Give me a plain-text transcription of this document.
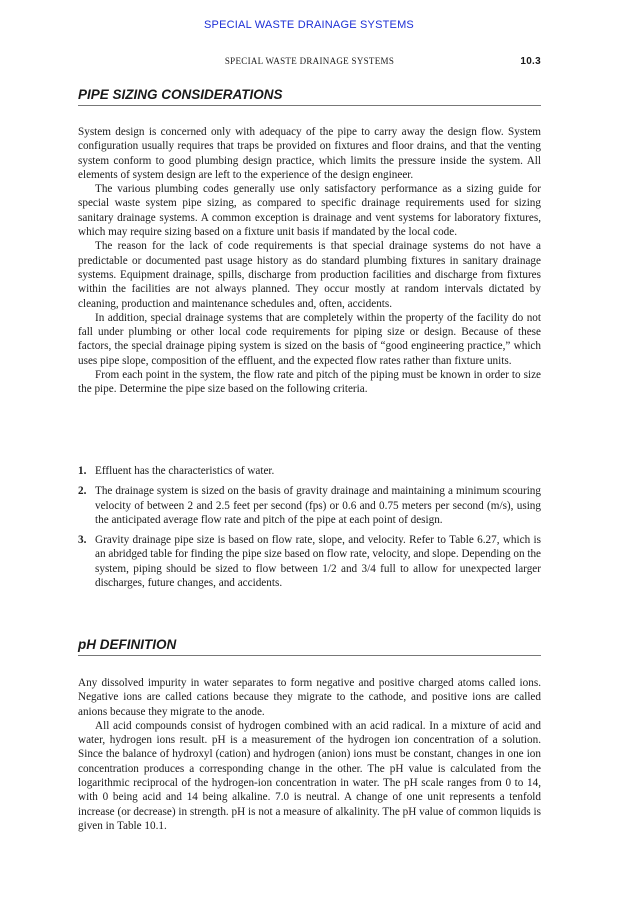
SPECIAL WASTE DRAINAGE SYSTEMS
SPECIAL WASTE DRAINAGE SYSTEMS	10.3
PIPE SIZING CONSIDERATIONS

System design is concerned only with adequacy of the pipe to carry away the design flow. System configuration usually requires that traps be provided on fixtures and floor drains, and that the venting system conform to good plumbing design practice, which limits the pressure inside the system. All elements of system design are left to the experience of the design engineer.

The various plumbing codes generally use only satisfactory performance as a sizing guide for special waste system pipe sizing, as compared to specific drainage requirements used for sizing sanitary drainage systems. A common exception is drainage and vent systems for laboratory fixtures, which may require sizing based on a fixture unit basis if mandated by the local code.

The reason for the lack of code requirements is that special drainage systems do not have a predictable or documented past usage history as do standard plumbing fixtures in sanitary drainage systems. Equipment drainage, spills, discharge from production facilities and discharge from fixtures within the facilities are not always planned. They occur mostly at random intervals dictated by cleaning, production and maintenance schedules and, often, accidents.

In addition, special drainage systems that are completely within the property of the facility do not fall under plumbing or other local code requirements for piping size or design. Because of these factors, the special drainage piping system is sized on the basis of “good engineering practice,” which uses pipe slope, composition of the effluent, and the expected flow rates rather than fixture units.

From each point in the system, the flow rate and pitch of the piping must be known in order to size the pipe. Determine the pipe size based on the following criteria.

1. Effluent has the characteristics of water.
2. The drainage system is sized on the basis of gravity drainage and maintaining a minimum scouring velocity of between 2 and 2.5 feet per second (fps) or 0.6 and 0.75 meters per second (m/s), using the anticipated average flow rate and pitch of the pipe at each point of design.
3. Gravity drainage pipe size is based on flow rate, slope, and velocity. Refer to Table 6.27, which is an abridged table for finding the pipe size based on flow rate, velocity, and slope. Depending on the system, piping should be sized to flow between 1/2 and 3/4 full to allow for unexpected larger discharges, future changes, and accidents.
pH DEFINITION

Any dissolved impurity in water separates to form negative and positive charged atoms called ions. Negative ions are called cations because they migrate to the cathode, and positive ions are called anions because they migrate to the anode.

All acid compounds consist of hydrogen combined with an acid radical. In a mixture of acid and water, hydrogen ions result. pH is a measurement of the hydrogen ion concentration of a solution. Since the balance of hydroxyl (cation) and hydrogen (anion) ions must be constant, changes in one ion concentration produces a corresponding change in the other. The pH value is calculated from the logarithmic reciprocal of the hydrogen-ion concentration in water. The pH scale ranges from 0 to 14, with 0 being acid and 14 being alkaline. 7.0 is neutral. A change of one unit represents a tenfold increase (or decrease) in strength. pH is not a measure of alkalinity. The pH value of common liquids is given in Table 10.1.
